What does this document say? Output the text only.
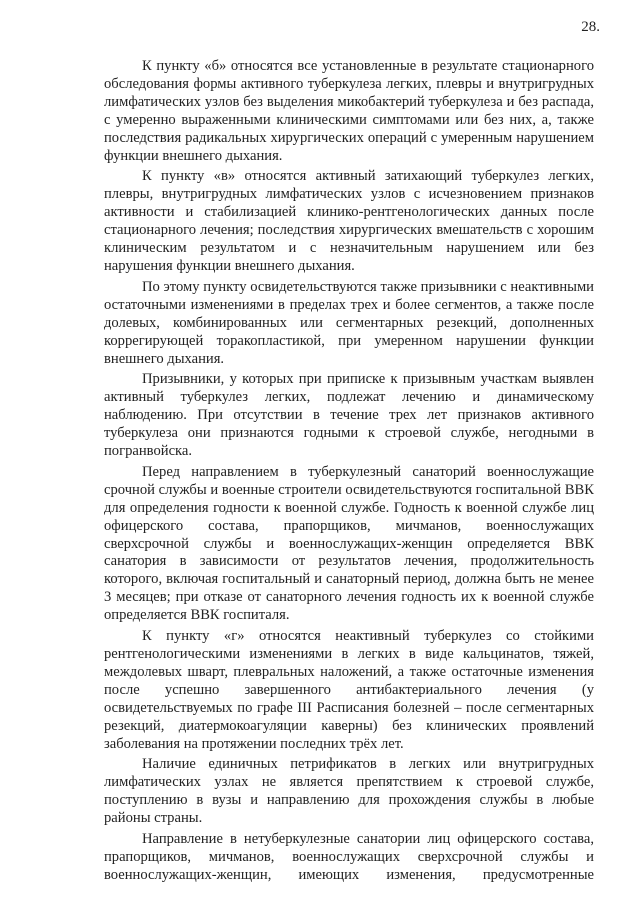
28.

К пункту «б» относятся все установленные в результате стационарного обследования формы активного туберкулеза легких, плевры и внутригрудных лимфатических узлов без выделения микобактерий туберкулеза и без распада, с умеренно выраженными клиническими симптомами или без них, а, также последствия радикальных хирургических операций с умеренным нарушением функции внешнего дыхания.

К пункту «в» относятся активный затихающий туберкулез легких, плевры, внутригрудных лимфатических узлов с исчезновением признаков активности и стабилизацией клинико-рентгенологических данных после стационарного лечения; последствия хирургических вмешательств с хорошим клиническим результатом и с незначительным нарушением или без нарушения функции внешнего дыхания.

По этому пункту освидетельствуются также призывники с неактивными остаточными изменениями в пределах трех и более сегментов, а также после долевых, комбинированных или сегментарных резекций, дополненных коррегирующей торакопластикой, при умеренном нарушении функции внешнего дыхания.

Призывники, у которых при приписке к призывным участкам выявлен активный туберкулез легких, подлежат лечению и динамическому наблюдению. При отсутствии в течение трех лет признаков активного туберкулеза они признаются годными к строевой службе, негодными в погранвойска.

Перед направлением в туберкулезный санаторий военнослужащие срочной службы и военные строители освидетельствуются госпитальной ВВК для определения годности к военной службе. Годность к военной службе лиц офицерского состава, прапорщиков, мичманов, военнослужащих сверхсрочной службы и военнослужащих-женщин определяется ВВК санатория в зависимости от результатов лечения, продолжительность которого, включая госпитальный и санаторный период, должна быть не менее 3 месяцев; при отказе от санаторного лечения годность их к военной службе определяется ВВК госпиталя.

К пункту «г» относятся неактивный туберкулез со стойкими рентгенологическими изменениями в легких в виде кальцинатов, тяжей, междолевых шварт, плевральных наложений, а также остаточные изменения после успешно завершенного антибактериального лечения (у освидетельствуемых по графе III Расписания болезней – после сегментарных резекций, диатермокоагуляции каверны) без клинических проявлений заболевания на протяжении последних трёх лет.

Наличие единичных петрификатов в легких или внутригрудных лимфатических узлах не является препятствием к строевой службе, поступлению в вузы и направлению для прохождения службы в любые районы страны.

Направление в нетуберкулезные санатории лиц офицерского состава, прапорщиков, мичманов, военнослужащих сверхсрочной службы и военнослужащих-женщин, имеющих изменения, предусмотренные
